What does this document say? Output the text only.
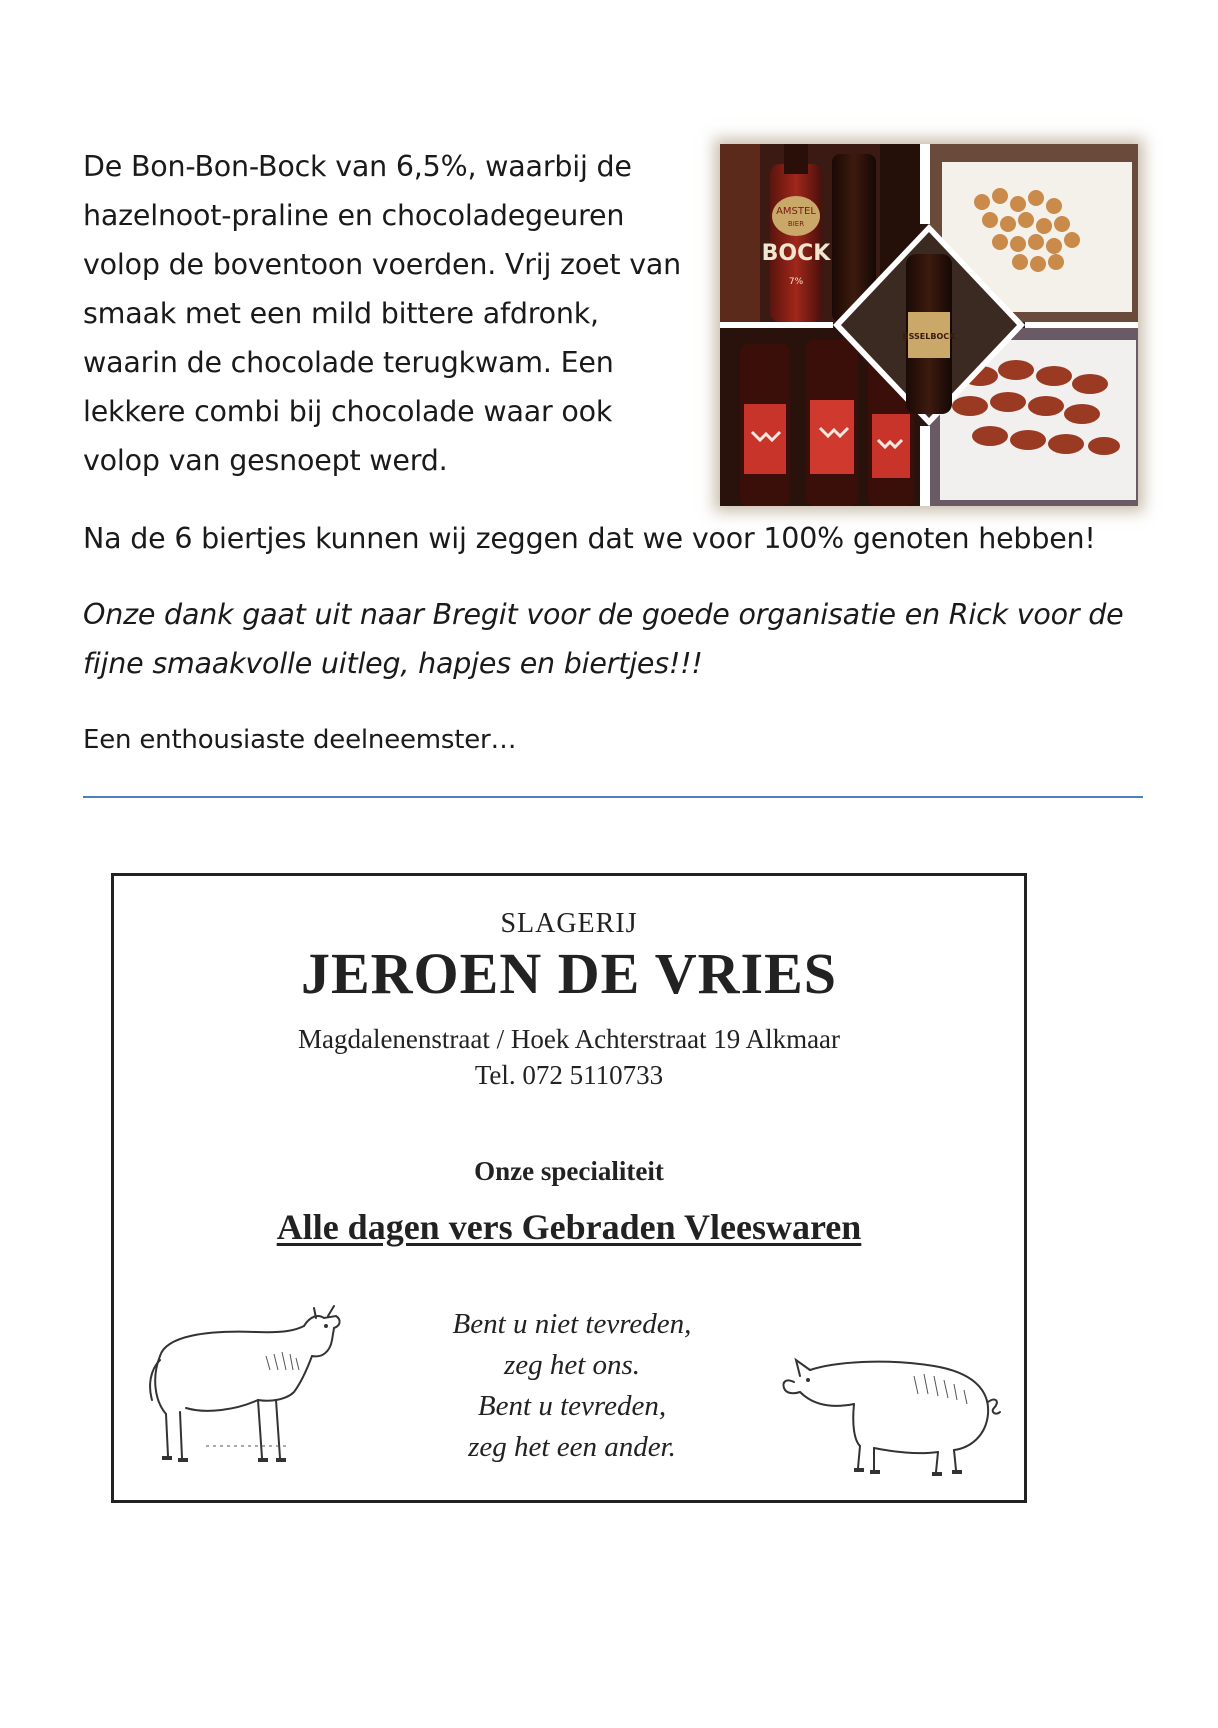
De Bon-Bon-Bock van 6,5%, waarbij de hazelnoot-praline en chocoladegeuren volop de boventoon voerden. Vrij zoet van smaak met een mild bittere afdronk, waarin de chocolade terugkwam. Een lekkere combi bij chocolade waar ook volop van gesnoept werd.

AMSTEL
BIER
BOCK
7%
IJSSELBOCK

Na de 6 biertjes kunnen wij zeggen dat we voor 100% genoten hebben!

Onze dank gaat uit naar Bregit voor de goede organisatie en Rick voor de fijne smaakvolle uitleg, hapjes en biertjes!!!

Een enthousiaste deelneemster…

SLAGERIJ

JEROEN DE VRIES

Magdalenenstraat / Hoek Achterstraat 19 Alkmaar

Tel. 072 5110733

Onze specialiteit

Alle dagen vers Gebraden Vleeswaren

Bent u niet tevreden,
zeg het ons.
Bent u tevreden,
zeg het een ander.
